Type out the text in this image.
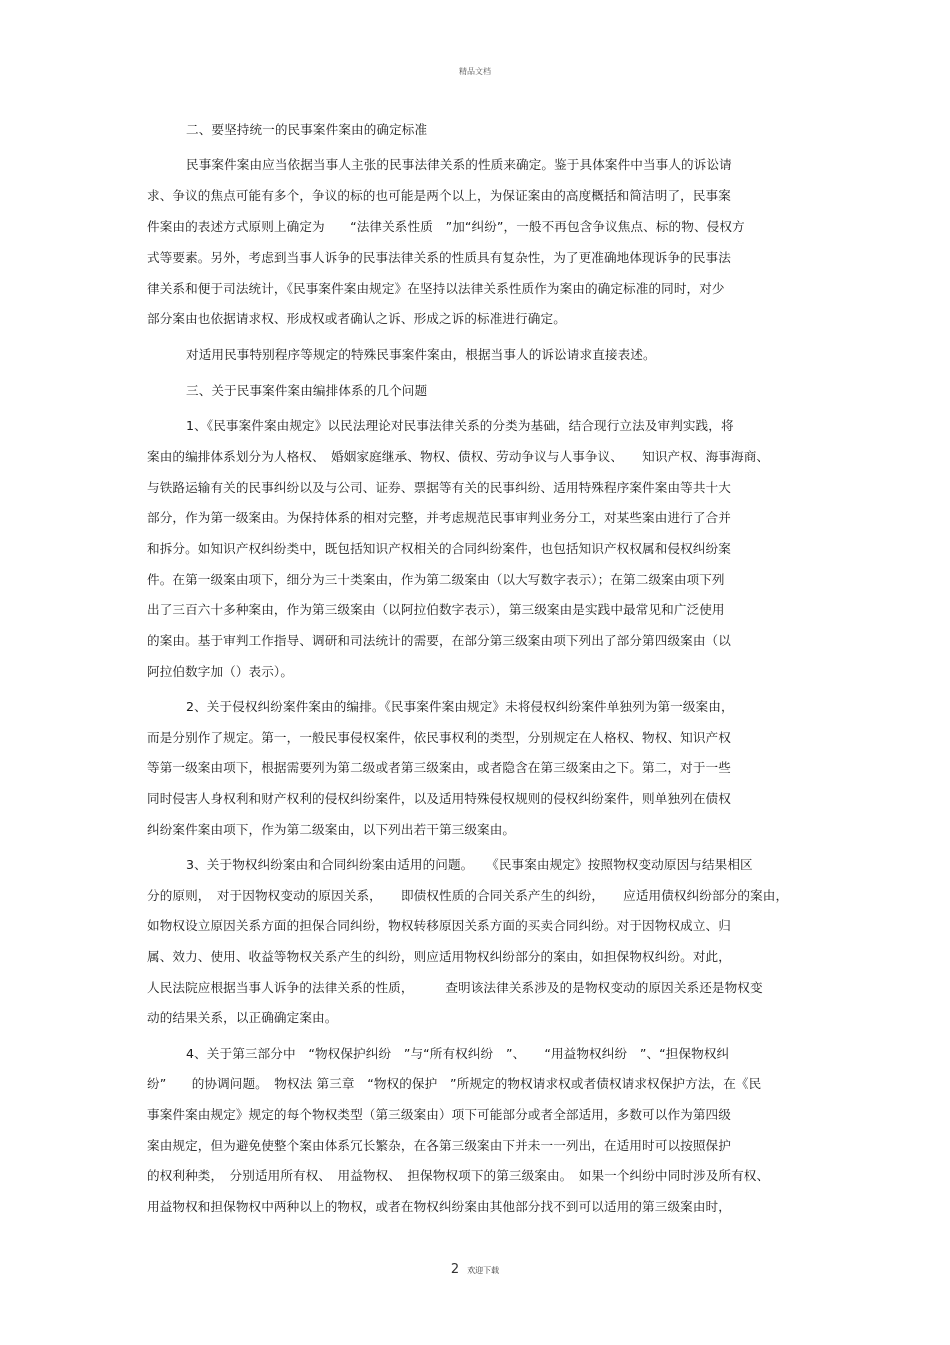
精品文档
二、要坚持统一的民事案件案由的确定标准
民事案件案由应当依据当事人主张的民事法律关系的性质来确定。鉴于具体案件中当事人的诉讼请
求、争议的焦点可能有多个，争议的标的也可能是两个以上，为保证案由的高度概括和简洁明了，民事案
件案由的表述方式原则上确定为　　“法律关系性质　”加“纠纷”，一般不再包含争议焦点、标的物、侵权方
式等要素。另外，考虑到当事人诉争的民事法律关系的性质具有复杂性，为了更准确地体现诉争的民事法
律关系和便于司法统计，《民事案件案由规定》在坚持以法律关系性质作为案由的确定标准的同时，对少
部分案由也依据请求权、形成权或者确认之诉、形成之诉的标准进行确定。
对适用民事特别程序等规定的特殊民事案件案由，根据当事人的诉讼请求直接表述。
三、关于民事案件案由编排体系的几个问题
1、《民事案件案由规定》以民法理论对民事法律关系的分类为基础，结合现行立法及审判实践，将
案由的编排体系划分为人格权、　婚姻家庭继承、物权、债权、劳动争议与人事争议、　　知识产权、海事海商、
与铁路运输有关的民事纠纷以及与公司、证券、票据等有关的民事纠纷、适用特殊程序案件案由等共十大
部分，作为第一级案由。为保持体系的相对完整，并考虑规范民事审判业务分工，对某些案由进行了合并
和拆分。如知识产权纠纷类中，既包括知识产权相关的合同纠纷案件，也包括知识产权权属和侵权纠纷案
件。在第一级案由项下，细分为三十类案由，作为第二级案由（以大写数字表示）；在第二级案由项下列
出了三百六十多种案由，作为第三级案由（以阿拉伯数字表示），第三级案由是实践中最常见和广泛使用
的案由。基于审判工作指导、调研和司法统计的需要，在部分第三级案由项下列出了部分第四级案由（以
阿拉伯数字加（）表示）。
2、关于侵权纠纷案件案由的编排。《民事案件案由规定》未将侵权纠纷案件单独列为第一级案由，
而是分别作了规定。第一，一般民事侵权案件，依民事权利的类型，分别规定在人格权、物权、知识产权
等第一级案由项下，根据需要列为第二级或者第三级案由，或者隐含在第三级案由之下。第二，对于一些
同时侵害人身权利和财产权利的侵权纠纷案件，以及适用特殊侵权规则的侵权纠纷案件，则单独列在债权
纠纷案件案由项下，作为第二级案由，以下列出若干第三级案由。
3、关于物权纠纷案由和合同纠纷案由适用的问题。　　《民事案由规定》按照物权变动原因与结果相区
分的原则，　对于因物权变动的原因关系，　　即债权性质的合同关系产生的纠纷，　　应适用债权纠纷部分的案由，
如物权设立原因关系方面的担保合同纠纷，物权转移原因关系方面的买卖合同纠纷。对于因物权成立、归
属、效力、使用、收益等物权关系产生的纠纷，则应适用物权纠纷部分的案由，如担保物权纠纷。对此，
人民法院应根据当事人诉争的法律关系的性质，　　　查明该法律关系涉及的是物权变动的原因关系还是物权变
动的结果关系，以正确确定案由。
4、关于第三部分中　“物权保护纠纷　”与“所有权纠纷　”、　　“用益物权纠纷　”、“担保物权纠
纷”　　的协调问题。　物权法 第三章　“物权的保护　”所规定的物权请求权或者债权请求权保护方法，在《民
事案件案由规定》规定的每个物权类型（第三级案由）项下可能部分或者全部适用，多数可以作为第四级
案由规定，但为避免使整个案由体系冗长繁杂，在各第三级案由下并未一一列出，在适用时可以按照保护
的权利种类，　分别适用所有权、　用益物权、　担保物权项下的第三级案由。　如果一个纠纷中同时涉及所有权、
用益物权和担保物权中两种以上的物权，或者在物权纠纷案由其他部分找不到可以适用的第三级案由时，
2 欢迎下载
